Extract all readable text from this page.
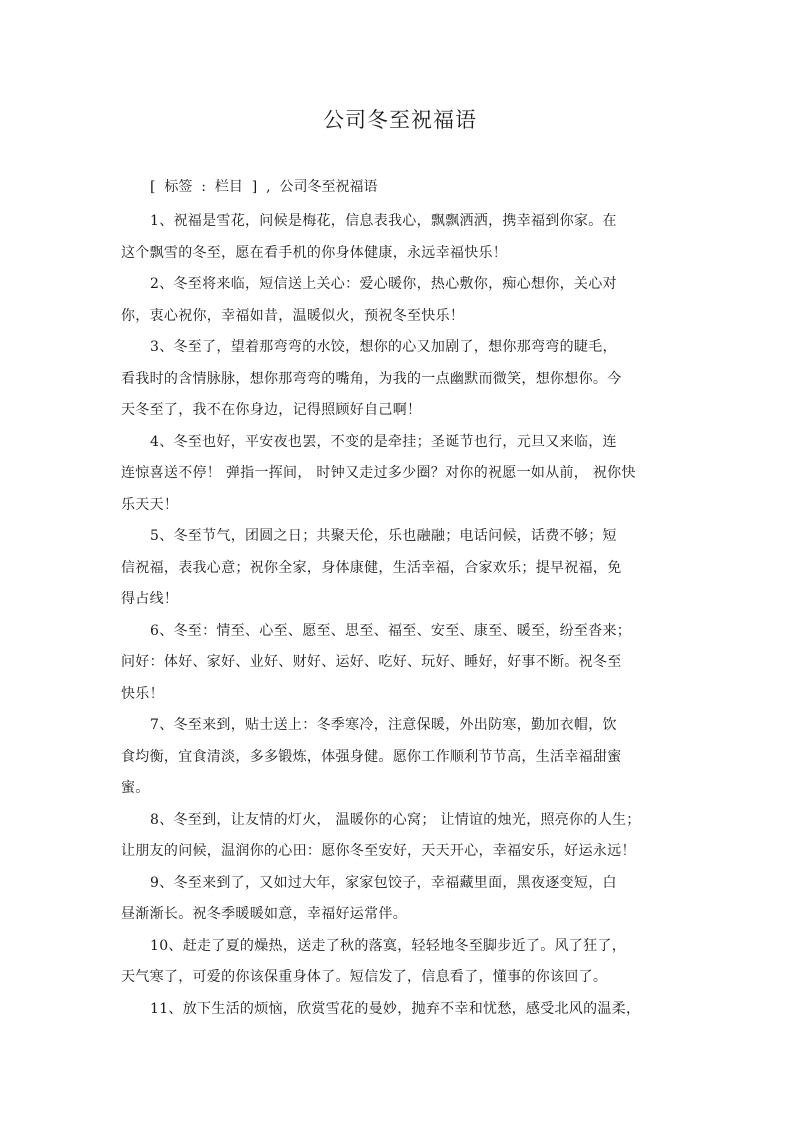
公司冬至祝福语
[  标签  :  栏目  ]  ,  公司冬至祝福语
1、祝福是雪花，问候是梅花，信息表我心，飘飘洒洒，携幸福到你家。在
这个飘雪的冬至，愿在看手机的你身体健康，永远幸福快乐！
2、冬至将来临，短信送上关心：爱心暖你，热心敷你，痴心想你，关心对
你，衷心祝你，幸福如昔，温暖似火，预祝冬至快乐！
3、冬至了，望着那弯弯的水饺，想你的心又加剧了，想你那弯弯的睫毛，
看我时的含情脉脉，想你那弯弯的嘴角，为我的一点幽默而微笑，想你想你。今
天冬至了，我不在你身边，记得照顾好自己啊！
4、冬至也好，平安夜也罢，不变的是牵挂；圣诞节也行，元旦又来临，连
连惊喜送不停！ 弹指一挥间， 时钟又走过多少圈？对你的祝愿一如从前， 祝你快
乐天天！
5、冬至节气，团圆之日；共聚天伦，乐也融融；电话问候，话费不够；短
信祝福，表我心意；祝你全家，身体康健，生活幸福，合家欢乐；提早祝福，免
得占线！
6、冬至：情至、心至、愿至、思至、福至、安至、康至、暖至，纷至沓来；
问好：体好、家好、业好、财好、运好、吃好、玩好、睡好，好事不断。祝冬至
快乐！
7、冬至来到，贴士送上：冬季寒冷，注意保暖，外出防寒，勤加衣帽，饮
食均衡，宜食清淡，多多锻炼，体强身健。愿你工作顺利节节高，生活幸福甜蜜
蜜。
8、冬至到，让友情的灯火， 温暖你的心窝； 让情谊的烛光，照亮你的人生；
让朋友的问候，温润你的心田：愿你冬至安好，天天开心，幸福安乐，好运永远！
9、冬至来到了，又如过大年，家家包饺子，幸福藏里面，黑夜逐变短，白
昼渐渐长。祝冬季暖暖如意，幸福好运常伴。
10、赶走了夏的燥热，送走了秋的落寞，轻轻地冬至脚步近了。风了狂了，
天气寒了，可爱的你该保重身体了。短信发了，信息看了，懂事的你该回了。
11、放下生活的烦恼，欣赏雪花的曼妙，抛弃不幸和忧愁，感受北风的温柔，
